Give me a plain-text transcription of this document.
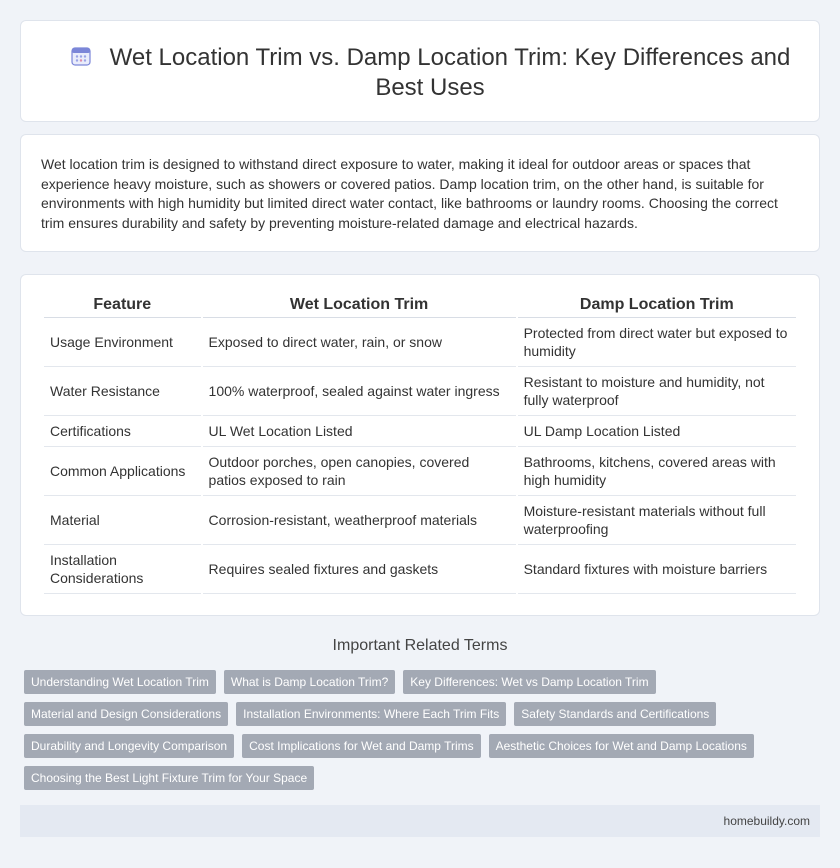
Wet Location Trim vs. Damp Location Trim: Key Differences and Best Uses

Wet location trim is designed to withstand direct exposure to water, making it ideal for outdoor areas or spaces that experience heavy moisture, such as showers or covered patios. Damp location trim, on the other hand, is suitable for environments with high humidity but limited direct water contact, like bathrooms or laundry rooms. Choosing the correct trim ensures durability and safety by preventing moisture-related damage and electrical hazards.

Feature	Wet Location Trim	Damp Location Trim
Usage Environment	Exposed to direct water, rain, or snow	Protected from direct water but exposed to humidity
Water Resistance	100% waterproof, sealed against water ingress	Resistant to moisture and humidity, not fully waterproof
Certifications	UL Wet Location Listed	UL Damp Location Listed
Common Applications	Outdoor porches, open canopies, covered patios exposed to rain	Bathrooms, kitchens, covered areas with high humidity
Material	Corrosion-resistant, weatherproof materials	Moisture-resistant materials without full waterproofing
Installation Considerations	Requires sealed fixtures and gaskets	Standard fixtures with moisture barriers
Important Related Terms
Understanding Wet Location Trim	What is Damp Location Trim?	Key Differences: Wet vs Damp Location Trim
Material and Design Considerations	Installation Environments: Where Each Trim Fits	Safety Standards and Certifications
Durability and Longevity Comparison	Cost Implications for Wet and Damp Trims	Aesthetic Choices for Wet and Damp Locations
Choosing the Best Light Fixture Trim for Your Space
homebuildy.com
